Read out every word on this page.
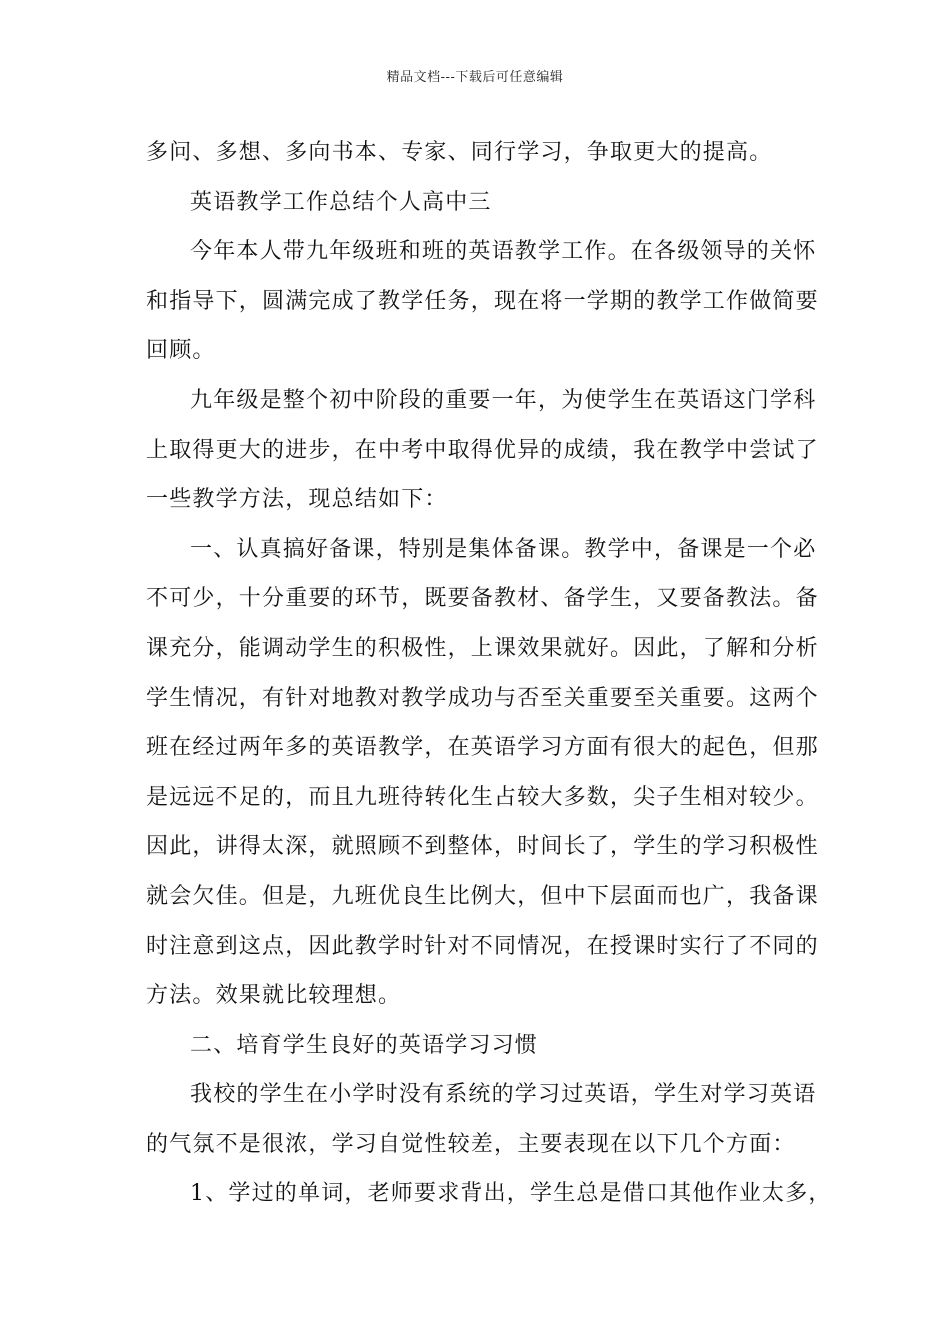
精品文档---下载后可任意编辑
多问、多想、多向书本、专家、同行学习，争取更大的提高。
英语教学工作总结个人高中三
今年本人带九年级班和班的英语教学工作。在各级领导的关怀
和指导下，圆满完成了教学任务，现在将一学期的教学工作做简要
回顾。
九年级是整个初中阶段的重要一年，为使学生在英语这门学科
上取得更大的进步，在中考中取得优异的成绩，我在教学中尝试了
一些教学方法，现总结如下：
一、认真搞好备课，特别是集体备课。教学中，备课是一个必
不可少，十分重要的环节，既要备教材、备学生，又要备教法。备
课充分，能调动学生的积极性，上课效果就好。因此，了解和分析
学生情况，有针对地教对教学成功与否至关重要至关重要。这两个
班在经过两年多的英语教学，在英语学习方面有很大的起色，但那
是远远不足的，而且九班待转化生占较大多数，尖子生相对较少。
因此，讲得太深，就照顾不到整体，时间长了，学生的学习积极性
就会欠佳。但是，九班优良生比例大，但中下层面而也广，我备课
时注意到这点，因此教学时针对不同情况，在授课时实行了不同的
方法。效果就比较理想。
二、培育学生良好的英语学习习惯
我校的学生在小学时没有系统的学习过英语，学生对学习英语
的气氛不是很浓，学习自觉性较差，主要表现在以下几个方面：
1、学过的单词，老师要求背出，学生总是借口其他作业太多，
